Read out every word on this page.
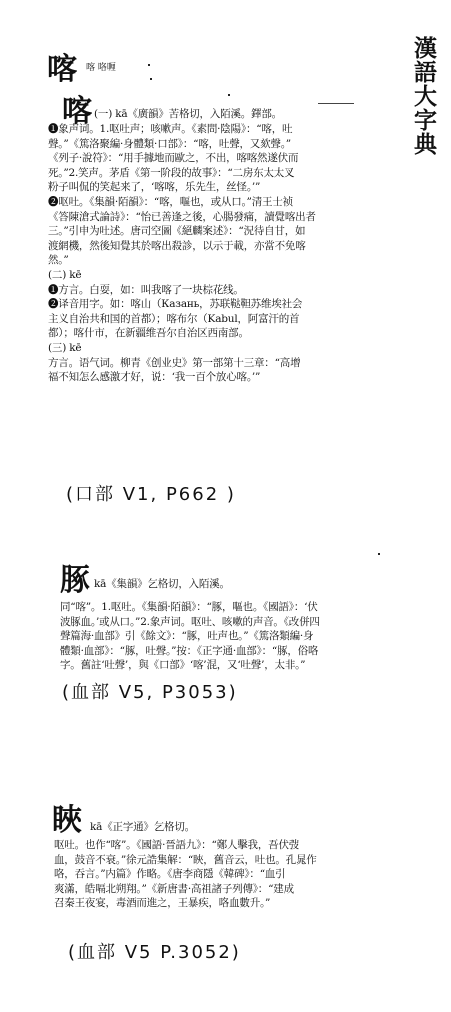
漢語大字典
喀 喀 咯喱
喀 (一) kā《廣韻》苦格切，入陌溪。鐸部。
❶象声词。1.呕吐声；咳嗽声。《素問·陰陽》：“喀，吐
聲。”《篤洛聚編·身體類·口部》：“喀，吐聲，又欬聲。”
《列子·說符》：“用手據地而歐之，不出，喀喀然遂伏而
死。”2.笑声。茅盾《第一阶段的故事》：“二房东太太叉
粉子叫侃的笑起来了，‘喀喀，乐先生，丝怪。’”
❷呕吐。《集韻·陌韻》：“喀，嘔也，或从口。”清王士祯
《答陳滄式論詩》：“怡已善逢之後，心腸發痛，讀覺喀出者
三。”引申为吐述。唐司空圖《絕麟案述》：“況待自甘，如
渡網機，然後知覺其於喀出殺診，以示于載，亦當不免喀
然。”
(二) kē
❶方言。白耍，如：叫我喀了一块棕花线。
❷译音用字。如：喀山（Казань，苏联鞑靼苏维埃社会
主义自治共和国的首都）；喀布尔（Kabul，阿富汗的首
都）；喀什市，在新疆维吾尔自治区西南部。
(三) kē
方言。语气词。柳青《创业史》第一部第十三章：“高增
福不知怎么感激才好，说：‘我一百个放心喀。’”
(口部 V1, P662 )
䐁 kā《集韻》乞格切，入陌溪。
同“喀”。1.呕吐。《集韻·陌韻》：“䐁，嘔也。《國語》：‘伏
波䐁血。’或从口。”2.象声词。呕吐、咳嗽的声音。《改併四
聲篇海·血部》引《餘文》：“䐁，吐声也。”《篤洛類編·身
體類·血部》：“䐁，吐聲。”按：《正字通·血部》：“䐁，俗咯
字。舊註‘吐聲’，與《口部》‘喀’混，又‘吐聲’，太非。”
(血部 V5, P3053)
䀹 kā《正字通》乞格切。
呕吐。也作“喀”。《國語·晉語九》：“鄭人擊我，吾伏弢
血，鼓音不衰。”徐元誥集解：“䀹，舊音云，吐也。孔晁作
咯，吞言。”内篇》作略。《唐李商隱《韓碑》：“血引
爽滿，皓嗝北朔翔。”《新唐書·高祖諸子列傳》：“建成
召秦王夜宴，毒酒而進之，王暴疾，咯血數升。”
(血部 V5 P.3052)
